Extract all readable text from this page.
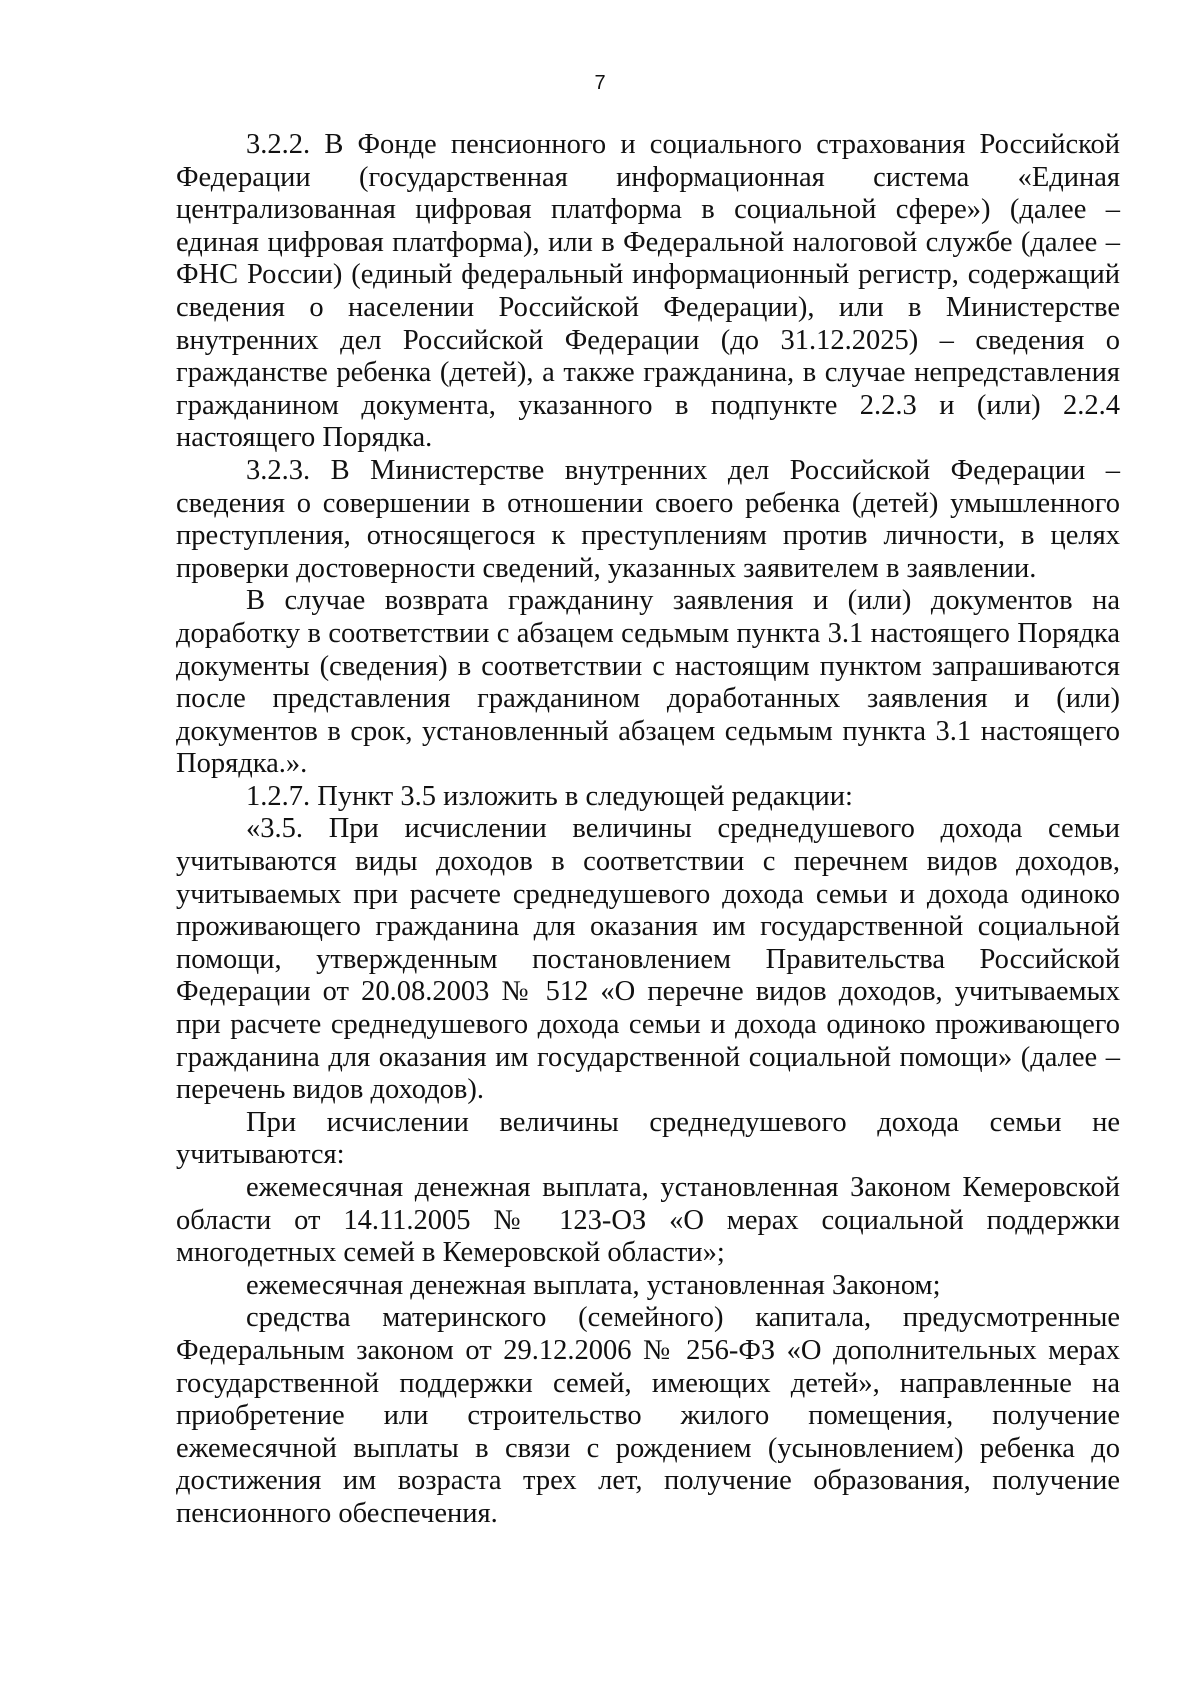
7

3.2.2. В Фонде пенсионного и социального страхования Российской Федерации (государственная информационная система «Единая централизованная цифровая платформа в социальной сфере») (далее – единая цифровая платформа), или в Федеральной налоговой службе (далее – ФНС России) (единый федеральный информационный регистр, содержащий сведения о населении Российской Федерации), или в Министерстве внутренних дел Российской Федерации (до 31.12.2025) – сведения о гражданстве ребенка (детей), а также гражданина, в случае непредставления гражданином документа, указанного в подпункте 2.2.3 и (или) 2.2.4 настоящего Порядка.

3.2.3. В Министерстве внутренних дел Российской Федерации – сведения о совершении в отношении своего ребенка (детей) умышленного преступления, относящегося к преступлениям против личности, в целях проверки достоверности сведений, указанных заявителем в заявлении.

В случае возврата гражданину заявления и (или) документов на доработку в соответствии с абзацем седьмым пункта 3.1 настоящего Порядка документы (сведения) в соответствии с настоящим пунктом запрашиваются после представления гражданином доработанных заявления и (или) документов в срок, установленный абзацем седьмым пункта 3.1 настоящего Порядка.».

1.2.7. Пункт 3.5 изложить в следующей редакции:

«3.5. При исчислении величины среднедушевого дохода семьи учитываются виды доходов в соответствии с перечнем видов доходов, учитываемых при расчете среднедушевого дохода семьи и дохода одиноко проживающего гражданина для оказания им государственной социальной помощи, утвержденным постановлением Правительства Российской Федерации от 20.08.2003 № 512 «О перечне видов доходов, учитываемых при расчете среднедушевого дохода семьи и дохода одиноко проживающего гражданина для оказания им государственной социальной помощи» (далее – перечень видов доходов).

При исчислении величины среднедушевого дохода семьи не учитываются:

ежемесячная денежная выплата, установленная Законом Кемеровской области от 14.11.2005 № 123-ОЗ «О мерах социальной поддержки многодетных семей в Кемеровской области»;

ежемесячная денежная выплата, установленная Законом;

средства материнского (семейного) капитала, предусмотренные Федеральным законом от 29.12.2006 № 256-ФЗ «О дополнительных мерах государственной поддержки семей, имеющих детей», направленные на приобретение или строительство жилого помещения, получение ежемесячной выплаты в связи с рождением (усыновлением) ребенка до достижения им возраста трех лет, получение образования, получение пенсионного обеспечения.
